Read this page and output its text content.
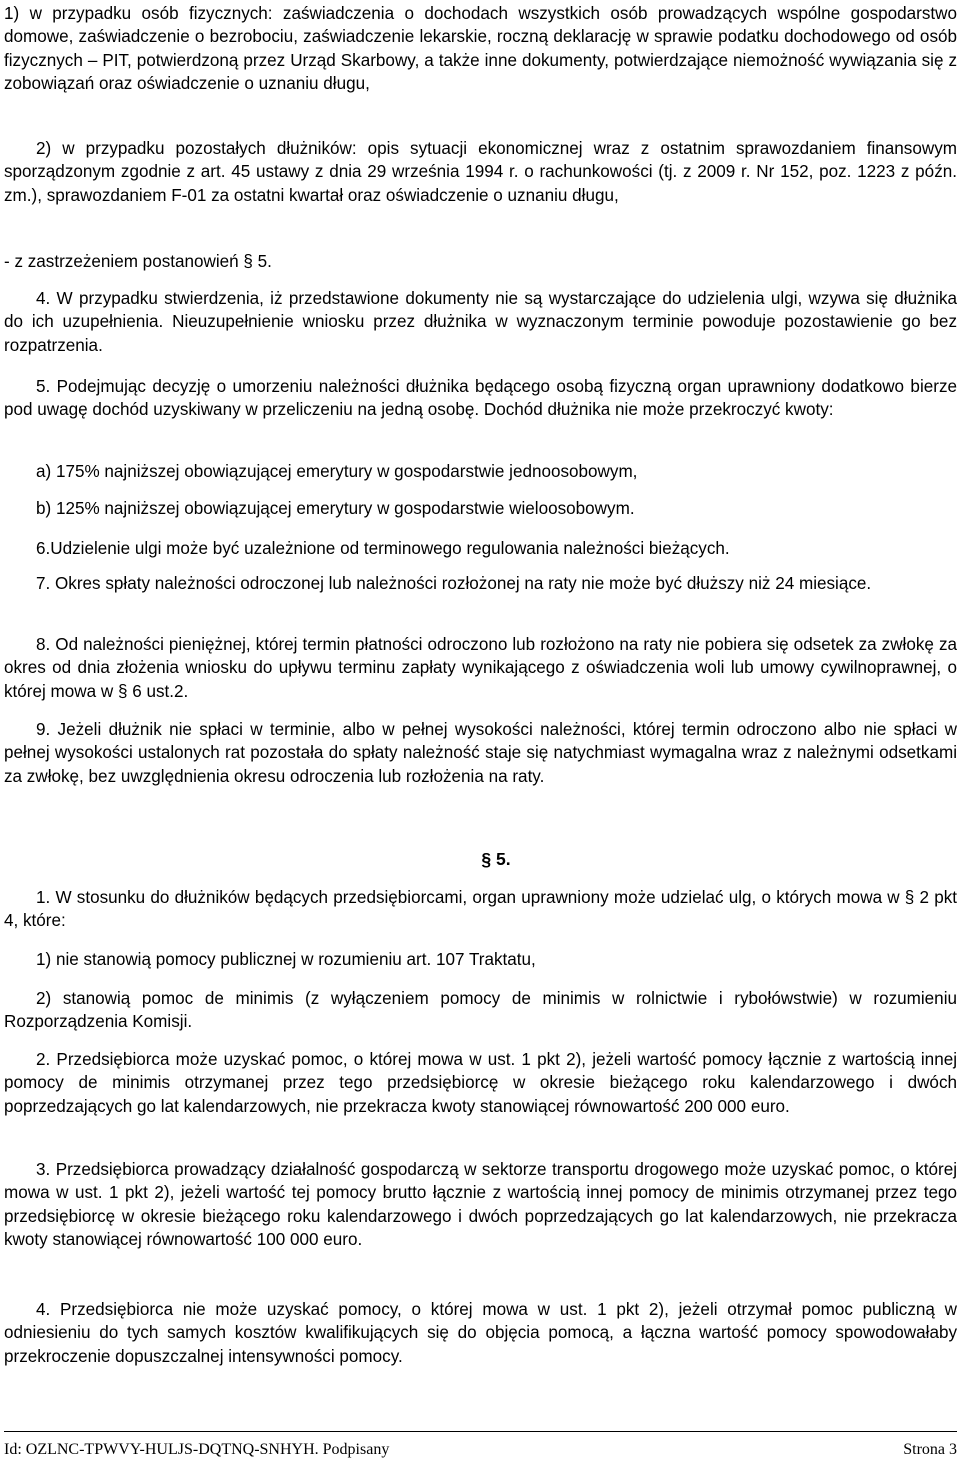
1) w przypadku osób fizycznych: zaświadczenia o dochodach wszystkich osób prowadzących wspólne gospodarstwo domowe, zaświadczenie o bezrobociu, zaświadczenie lekarskie, roczną deklarację w sprawie podatku dochodowego od osób fizycznych – PIT, potwierdzoną przez Urząd Skarbowy, a także inne dokumenty, potwierdzające niemożność wywiązania się z zobowiązań oraz oświadczenie o uznaniu długu,

2) w przypadku pozostałych dłużników: opis sytuacji ekonomicznej wraz z ostatnim sprawozdaniem finansowym sporządzonym zgodnie z art. 45 ustawy z dnia 29 września 1994 r. o rachunkowości (tj. z 2009 r. Nr 152, poz. 1223 z późn. zm.), sprawozdaniem F-01 za ostatni kwartał oraz oświadczenie o uznaniu długu,

- z zastrzeżeniem postanowień § 5.

4. W przypadku stwierdzenia, iż przedstawione dokumenty nie są wystarczające do udzielenia ulgi, wzywa się dłużnika do ich uzupełnienia. Nieuzupełnienie wniosku przez dłużnika w wyznaczonym terminie powoduje pozostawienie go bez rozpatrzenia.

5. Podejmując decyzję o umorzeniu należności dłużnika będącego osobą fizyczną organ uprawniony dodatkowo bierze pod uwagę dochód uzyskiwany w przeliczeniu na jedną osobę. Dochód dłużnika nie może przekroczyć kwoty:

a) 175% najniższej obowiązującej emerytury w gospodarstwie jednoosobowym,

b) 125% najniższej obowiązującej emerytury w gospodarstwie wieloosobowym.

6.Udzielenie ulgi może być uzależnione od terminowego regulowania należności bieżących.

7. Okres spłaty należności odroczonej lub należności rozłożonej na raty nie może być dłuższy niż 24 miesiące.

8. Od należności pieniężnej, której termin płatności odroczono lub rozłożono na raty nie pobiera się odsetek za zwłokę za okres od dnia złożenia wniosku do upływu terminu zapłaty wynikającego z oświadczenia woli lub umowy cywilnoprawnej, o której mowa w § 6 ust.2.

9. Jeżeli dłużnik nie spłaci w terminie, albo w pełnej wysokości należności, której termin odroczono albo nie spłaci w pełnej wysokości ustalonych rat pozostała do spłaty należność staje się natychmiast wymagalna wraz z należnymi odsetkami za zwłokę, bez uwzględnienia okresu odroczenia lub rozłożenia na raty.

§ 5.

1. W stosunku do dłużników będących przedsiębiorcami, organ uprawniony może udzielać ulg, o których mowa w § 2 pkt 4, które:

1) nie stanowią pomocy publicznej w rozumieniu art. 107 Traktatu,

2) stanowią pomoc de minimis (z wyłączeniem pomocy de minimis w rolnictwie i rybołówstwie) w rozumieniu Rozporządzenia Komisji.

2. Przedsiębiorca może uzyskać pomoc, o której mowa w ust. 1 pkt 2), jeżeli wartość pomocy łącznie z wartością innej pomocy de minimis otrzymanej przez tego przedsiębiorcę w okresie bieżącego roku kalendarzowego i dwóch poprzedzających go lat kalendarzowych, nie przekracza kwoty stanowiącej równowartość 200 000 euro.

3. Przedsiębiorca prowadzący działalność gospodarczą w sektorze transportu drogowego może uzyskać pomoc, o której mowa w ust. 1 pkt 2), jeżeli wartość tej pomocy brutto łącznie z wartością innej pomocy de minimis otrzymanej przez tego przedsiębiorcę w okresie bieżącego roku kalendarzowego i dwóch poprzedzających go lat kalendarzowych, nie przekracza kwoty stanowiącej równowartość 100 000 euro.

4. Przedsiębiorca nie może uzyskać pomocy, o której mowa w ust. 1 pkt 2), jeżeli otrzymał pomoc publiczną w odniesieniu do tych samych kosztów kwalifikujących się do objęcia pomocą, a łączna wartość pomocy spowodowałaby przekroczenie dopuszczalnej intensywności pomocy.

Id: OZLNC-TPWVY-HULJS-DQTNQ-SNHYH. Podpisany	Strona 3
